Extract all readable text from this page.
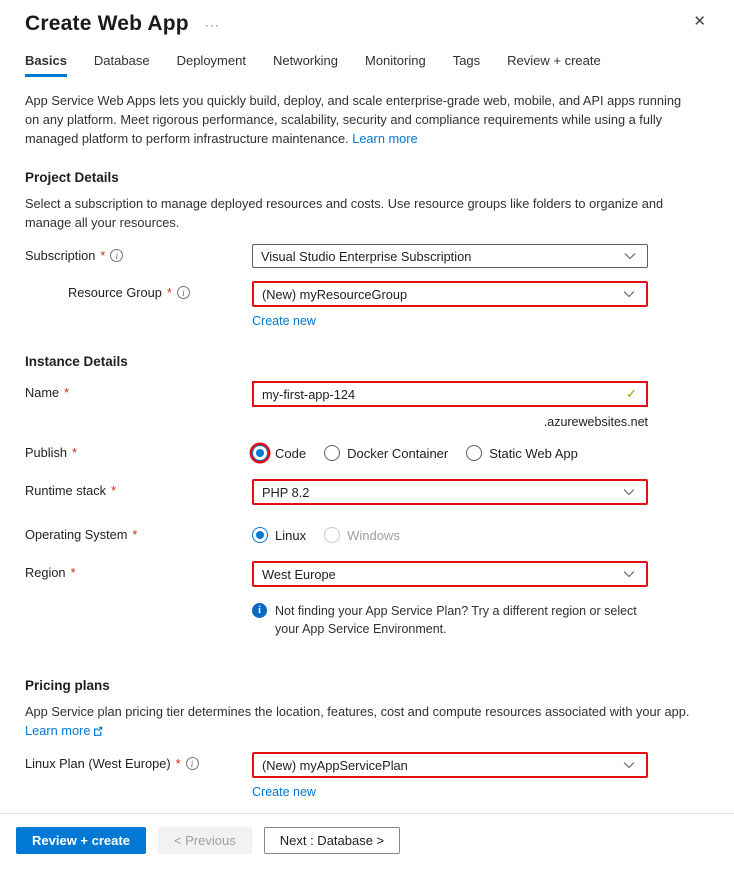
Create Web App ···	✕
Basics Database Deployment Networking Monitoring Tags Review + create
App Service Web Apps lets you quickly build, deploy, and scale enterprise-grade web, mobile, and API apps running on any platform. Meet rigorous performance, scalability, security and compliance requirements while using a fully managed platform to perform infrastructure maintenance. Learn more
Project Details
Select a subscription to manage deployed resources and costs. Use resource groups like folders to organize and manage all your resources.
Subscription *	i	Visual Studio Enterprise Subscription
Resource Group *	i	(New) myResourceGroup
Create new
Instance Details
Name *	my-first-app-124	✓
.azurewebsites.net
Publish *	Code	Docker Container	Static Web App
Runtime stack *	PHP 8.2
Operating System *	Linux	Windows
Region *	West Europe
i	Not finding your App Service Plan? Try a different region or select your App Service Environment.
Pricing plans
App Service plan pricing tier determines the location, features, cost and compute resources associated with your app.
Learn more
Linux Plan (West Europe) *	i	(New) myAppServicePlan
Create new
Review + create	< Previous	Next : Database >
